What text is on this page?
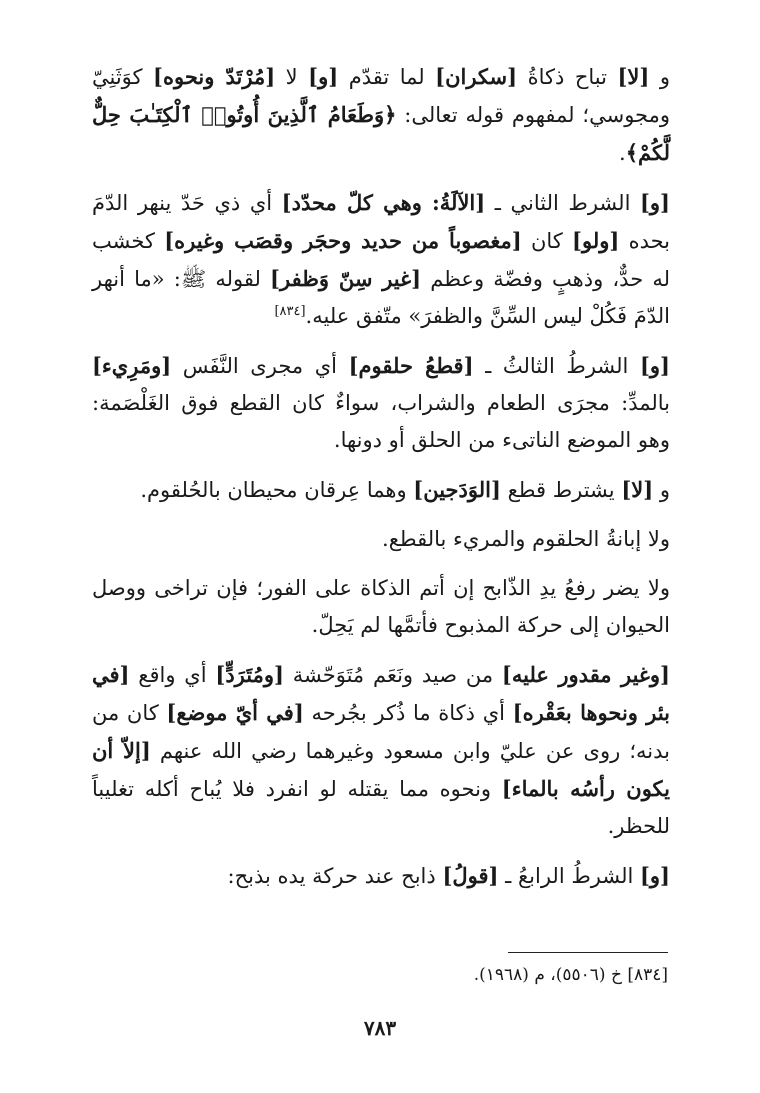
و [لا] تباح ذكاةُ [سكران] لما تقدّم [و] لا [مُرْتَدّ ونحوه] كوَثَنِيّ ومجوسي؛ لمفهوم قوله تعالى: ﴿وَطَعَامُ ٱلَّذِينَ أُوتُوا۟ ٱلْكِتَـٰبَ حِلٌّ لَّكُمْ﴾.

[و] الشرط الثاني ـ [الآلَةُ: وهي كلّ محدّد] أي ذي حَدّ ينهر الدّمَ بحده [ولو] كان [مغصوباً من حديد وحجَر وقصَب وغيره] كخشب له حدٌّ، وذهبٍ وفضّة وعظم [غير سِنّ وَظفر] لقوله ﷺ: «ما أنهر الدّمَ فَكُلْ ليس السِّنَّ والظفرَ» متّفق عليه.[٨٣٤]

[و] الشرطُ الثالثُ ـ [قطعُ حلقوم] أي مجرى النَّفَس [ومَرِيء] بالمدِّ: مجرَى الطعام والشراب، سواءٌ كان القطع فوق الغَلْصَمة: وهو الموضع الناتىء من الحلق أو دونها.

و [لا] يشترط قطع [الوَدَجين] وهما عِرقان محيطان بالحُلقوم.

ولا إبانةُ الحلقوم والمريء بالقطع.

ولا يضر رفعُ يدِ الذّابح إن أتم الذكاة على الفور؛ فإن تراخى ووصل الحيوان إلى حركة المذبوح فأتمَّها لم يَحِلّ.

[وغير مقدور عليه] من صيد ونَعَم مُتَوَحّشة [ومُتَرَدٍّ] أي واقع [في بئر ونحوها بعَقْره] أي ذكاة ما ذُكر بجُرحه [في أيّ موضع] كان من بدنه؛ روى عن عليّ وابن مسعود وغيرهما رضي الله عنهم [إلاّ أن يكون رأسُه بالماء] ونحوه مما يقتله لو انفرد فلا يُباح أكله تغليباً للحظر.

[و] الشرطُ الرابعُ ـ [قولُ] ذابح عند حركة يده بذبح:

[٨٣٤] خ (٥٥٠٦)، م (١٩٦٨).
٧٨٣
